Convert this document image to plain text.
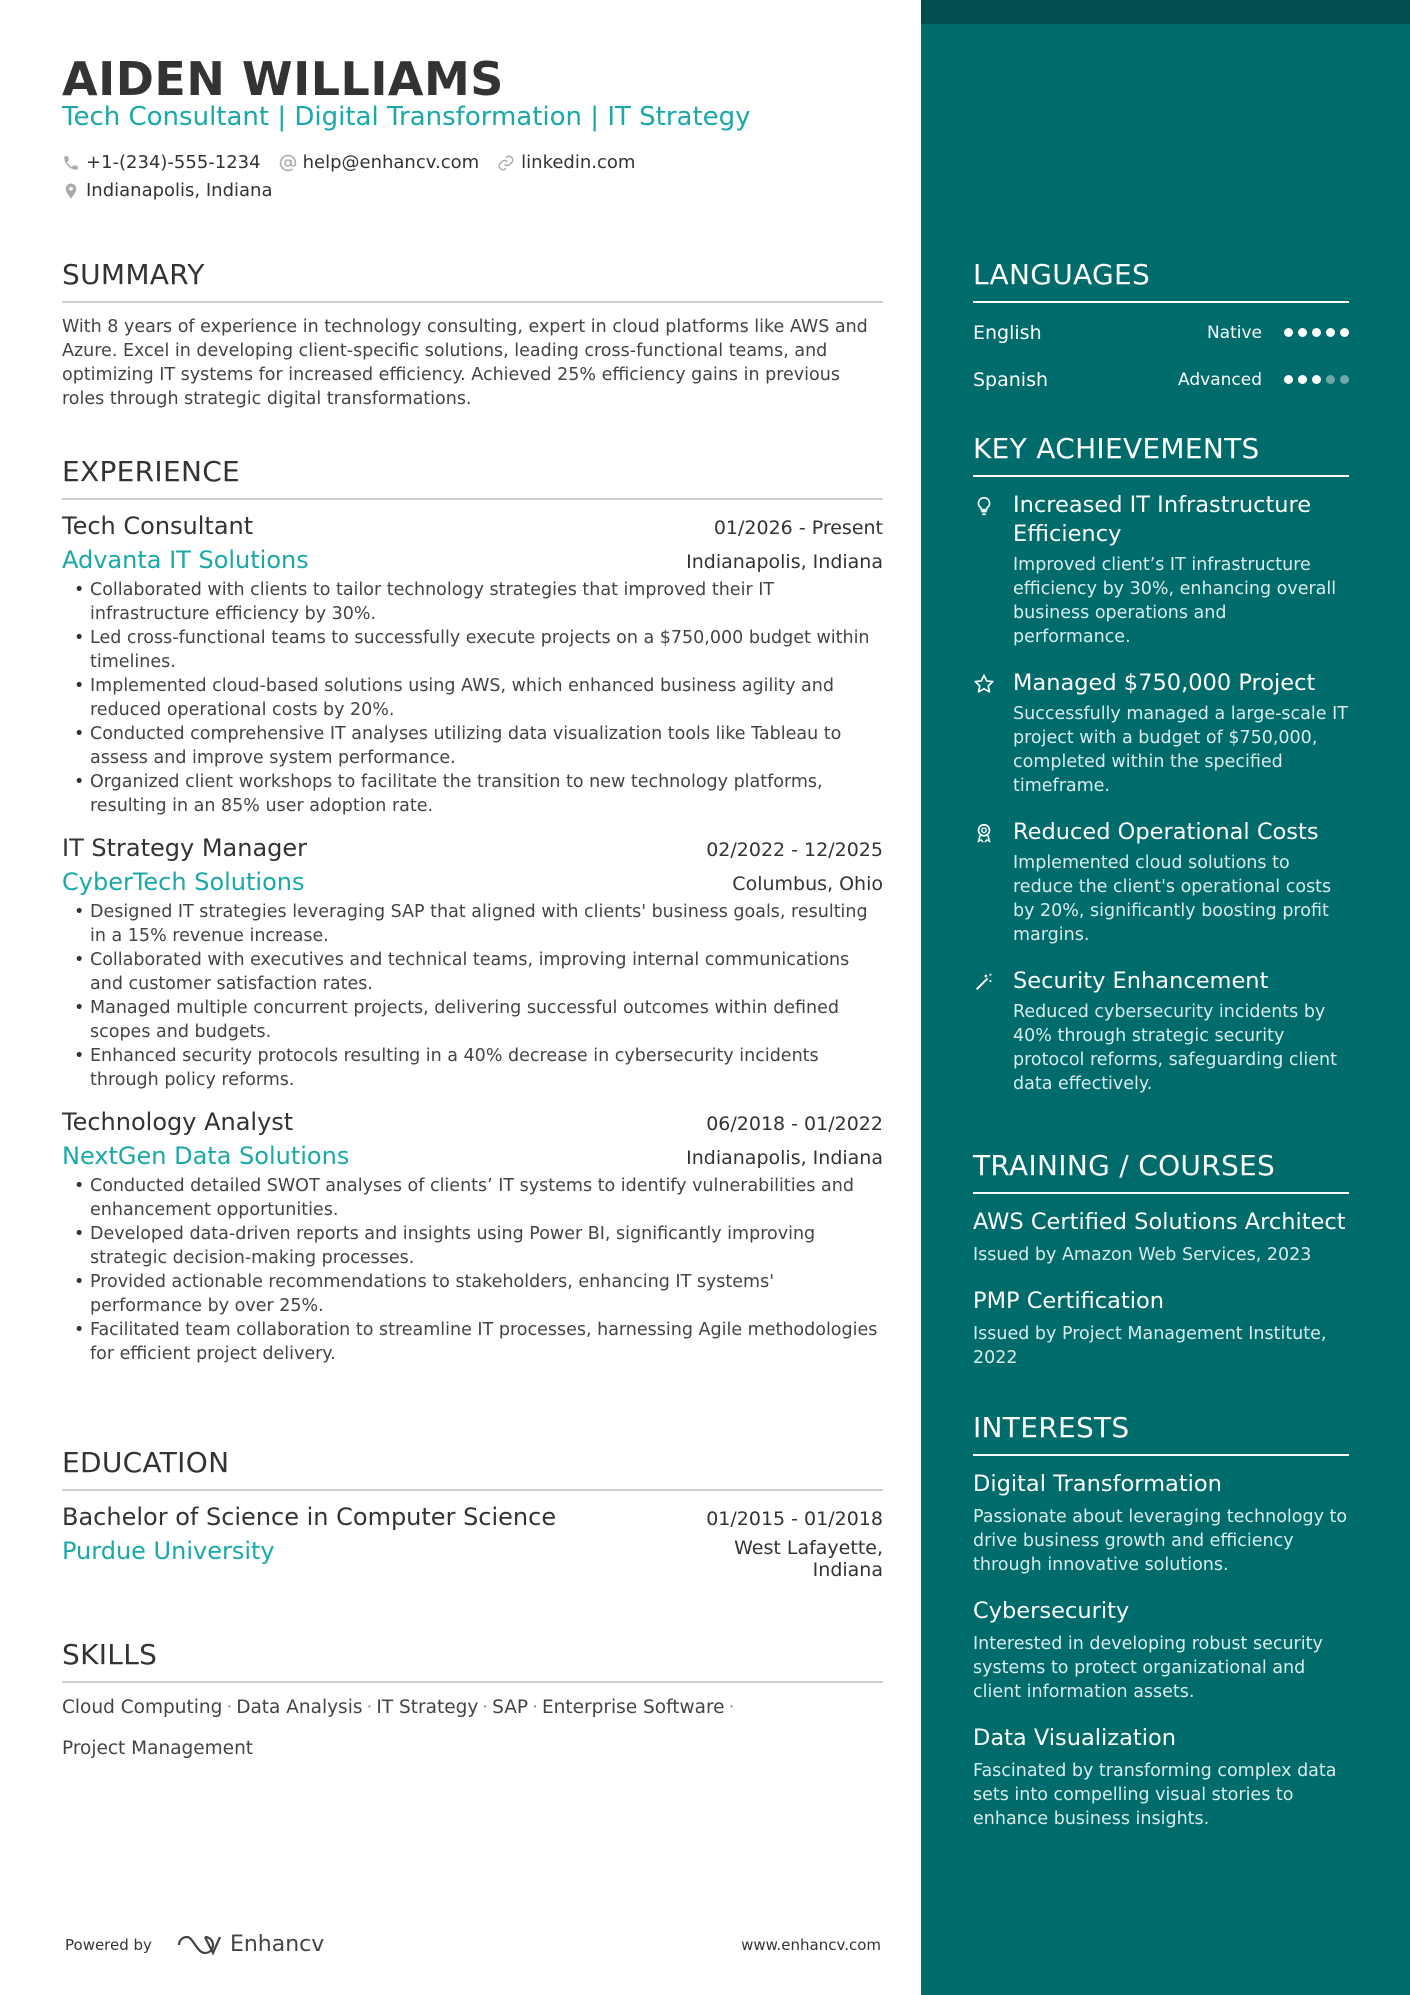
AIDEN WILLIAMS
Tech Consultant | Digital Transformation | IT Strategy
+1-(234)-555-1234 help@enhancv.com linkedin.com
Indianapolis, Indiana
SUMMARY
With 8 years of experience in technology consulting, expert in cloud platforms like AWS and Azure. Excel in developing client-specific solutions, leading cross-functional teams, and optimizing IT systems for increased efficiency. Achieved 25% efficiency gains in previous roles through strategic digital transformations.
EXPERIENCE
Tech Consultant	01/2026 - Present
Advanta IT Solutions	Indianapolis, Indiana
• Collaborated with clients to tailor technology strategies that improved their IT infrastructure efficiency by 30%.
• Led cross-functional teams to successfully execute projects on a $750,000 budget within timelines.
• Implemented cloud-based solutions using AWS, which enhanced business agility and reduced operational costs by 20%.
• Conducted comprehensive IT analyses utilizing data visualization tools like Tableau to assess and improve system performance.
• Organized client workshops to facilitate the transition to new technology platforms, resulting in an 85% user adoption rate.
IT Strategy Manager	02/2022 - 12/2025
CyberTech Solutions	Columbus, Ohio
• Designed IT strategies leveraging SAP that aligned with clients' business goals, resulting in a 15% revenue increase.
• Collaborated with executives and technical teams, improving internal communications and customer satisfaction rates.
• Managed multiple concurrent projects, delivering successful outcomes within defined scopes and budgets.
• Enhanced security protocols resulting in a 40% decrease in cybersecurity incidents through policy reforms.
Technology Analyst	06/2018 - 01/2022
NextGen Data Solutions	Indianapolis, Indiana
• Conducted detailed SWOT analyses of clients’ IT systems to identify vulnerabilities and enhancement opportunities.
• Developed data-driven reports and insights using Power BI, significantly improving strategic decision-making processes.
• Provided actionable recommendations to stakeholders, enhancing IT systems' performance by over 25%.
• Facilitated team collaboration to streamline IT processes, harnessing Agile methodologies for efficient project delivery.
EDUCATION
Bachelor of Science in Computer Science	01/2015 - 01/2018
Purdue University	West Lafayette,
Indiana
SKILLS
Cloud Computing · Data Analysis · IT Strategy · SAP · Enterprise Software ·
Project Management
Powered by	Enhancv	www.enhancv.com
LANGUAGES
English	Native
Spanish	Advanced
KEY ACHIEVEMENTS
Increased IT Infrastructure Efficiency
Improved client’s IT infrastructure efficiency by 30%, enhancing overall business operations and performance.
Managed $750,000 Project
Successfully managed a large-scale IT project with a budget of $750,000, completed within the specified timeframe.
Reduced Operational Costs
Implemented cloud solutions to reduce the client's operational costs by 20%, significantly boosting profit margins.
Security Enhancement
Reduced cybersecurity incidents by 40% through strategic security protocol reforms, safeguarding client data effectively.
TRAINING / COURSES
AWS Certified Solutions Architect
Issued by Amazon Web Services, 2023
PMP Certification
Issued by Project Management Institute, 2022
INTERESTS
Digital Transformation
Passionate about leveraging technology to drive business growth and efficiency through innovative solutions.
Cybersecurity
Interested in developing robust security systems to protect organizational and client information assets.
Data Visualization
Fascinated by transforming complex data sets into compelling visual stories to enhance business insights.
